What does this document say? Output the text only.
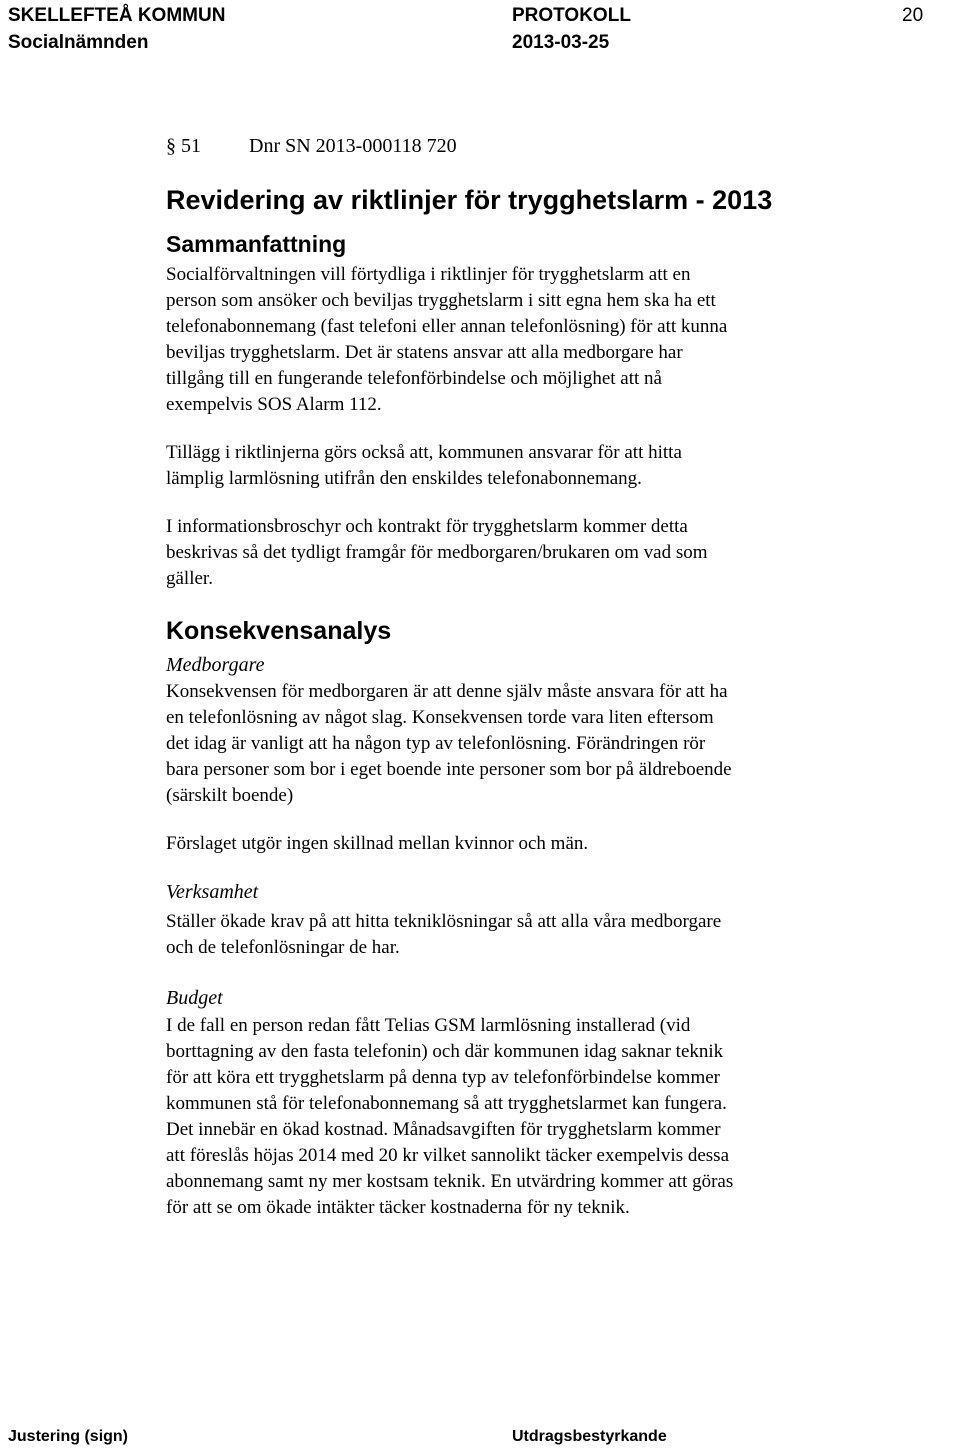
SKELLEFTEÅ KOMMUN
Socialnämnden
PROTOKOLL
2013-03-25
20
§ 51 Dnr SN 2013-000118 720
Revidering av riktlinjer för trygghetslarm - 2013
Sammanfattning
Socialförvaltningen vill förtydliga i riktlinjer för trygghetslarm att en
person som ansöker och beviljas trygghetslarm i sitt egna hem ska ha ett
telefonabonnemang (fast telefoni eller annan telefonlösning) för att kunna
beviljas trygghetslarm. Det är statens ansvar att alla medborgare har
tillgång till en fungerande telefonförbindelse och möjlighet att nå
exempelvis SOS Alarm 112.
Tillägg i riktlinjerna görs också att, kommunen ansvarar för att hitta
lämplig larmlösning utifrån den enskildes telefonabonnemang.
I informationsbroschyr och kontrakt för trygghetslarm kommer detta
beskrivas så det tydligt framgår för medborgaren/brukaren om vad som
gäller.
Konsekvensanalys
Medborgare
Konsekvensen för medborgaren är att denne själv måste ansvara för att ha
en telefonlösning av något slag. Konsekvensen torde vara liten eftersom
det idag är vanligt att ha någon typ av telefonlösning. Förändringen rör
bara personer som bor i eget boende inte personer som bor på äldreboende
(särskilt boende)
Förslaget utgör ingen skillnad mellan kvinnor och män.
Verksamhet
Ställer ökade krav på att hitta tekniklösningar så att alla våra medborgare
och de telefonlösningar de har.
Budget
I de fall en person redan fått Telias GSM larmlösning installerad (vid
borttagning av den fasta telefonin) och där kommunen idag saknar teknik
för att köra ett trygghetslarm på denna typ av telefonförbindelse kommer
kommunen stå för telefonabonnemang så att trygghetslarmet kan fungera.
Det innebär en ökad kostnad. Månadsavgiften för trygghetslarm kommer
att föreslås höjas 2014 med 20 kr vilket sannolikt täcker exempelvis dessa
abonnemang samt ny mer kostsam teknik. En utvärdring kommer att göras
för att se om ökade intäkter täcker kostnaderna för ny teknik.
Justering (sign)	Utdragsbestyrkande
